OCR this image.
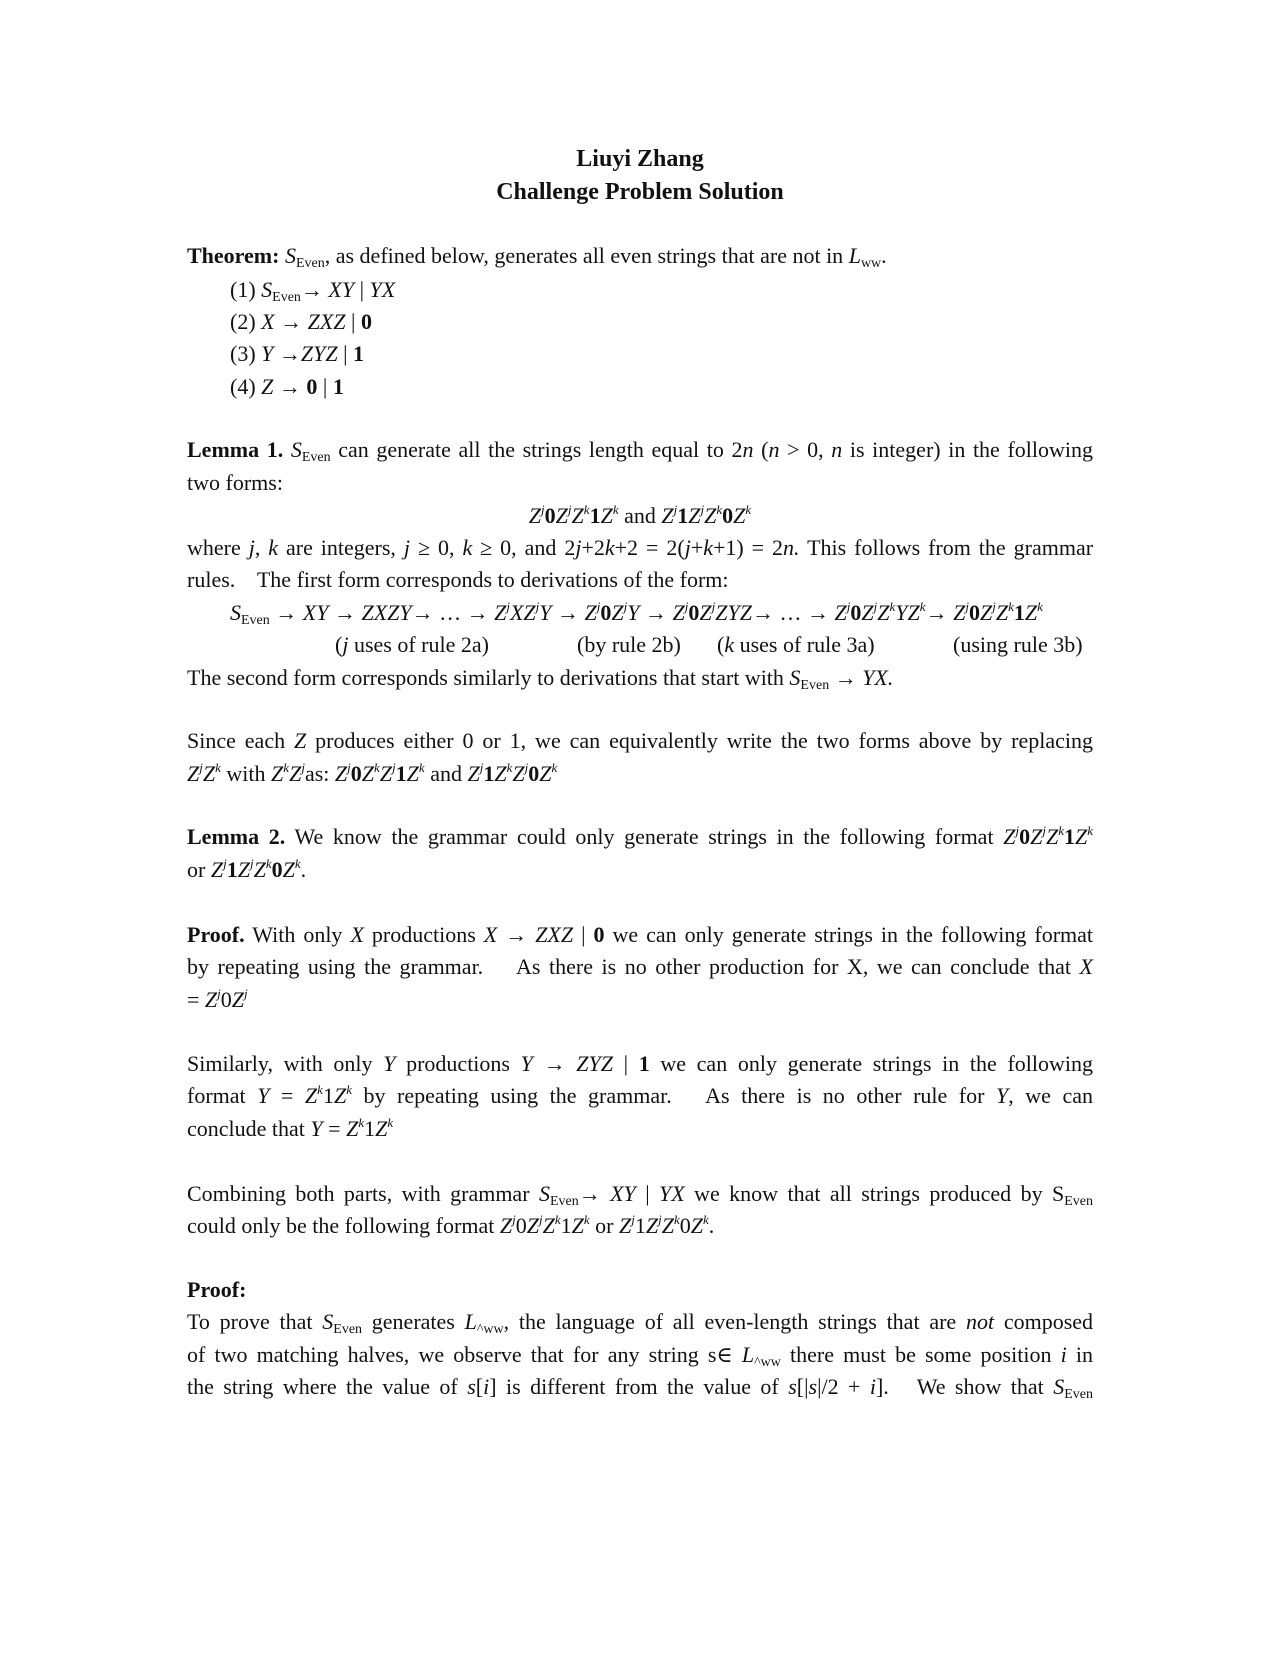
Liuyi Zhang
Challenge Problem Solution
Theorem: $S_{Even}$, as defined below, generates all even strings that are not in $L_{ww}$.
(1) $S_{Even}\to$ XY | YX
(2) X → ZXZ | 0
(3) Y →ZYZ | 1
(4) Z → 0 | 1
Lemma 1. $S_{Even}$ can generate all the strings length equal to 2n (n > 0, n is integer) in the following
two forms:
$Z^j0Z^jZ^k1Z^k$ and $Z^j1Z^jZ^k0Z^k$
where j, k are integers, j ≥ 0, k ≥ 0, and 2j+2k+2 = 2(j+k+1) = 2n. This follows from the grammar
rules.    The first form corresponds to derivations of the form:
$S_{Even}$ → XY → ZXZY→ … → $Z^jXZ^jY \to Z^j0Z^jY \to Z^j0Z^jZYZ\to$ … → $Z^j0Z^jZ^kYZ^k\to Z^j0Z^jZ^k1Z^k$
(j uses of rule 2a)	(by rule 2b) (k uses of rule 3a)	(using rule 3b)
The second form corresponds similarly to derivations that start with $S_{Even}$ → YX.
Since each Z produces either 0 or 1, we can equivalently write the two forms above by replacing
$Z^jZ^k$ with $Z^kZ^jas$: $Z^j0Z^kZ^j1Z^k$ and $Z^j1Z^kZ^j0Z^k$
Lemma 2. We know the grammar could only generate strings in the following format $Z^j0Z^jZ^k1Z^k$
or $Z^j1Z^jZ^k0Z^k$.
Proof. With only X productions X → ZXZ | 0 we can only generate strings in the following format
by repeating using the grammar.    As there is no other production for X, we can conclude that X
= $Z^j0Z^j$
Similarly, with only Y productions Y → ZYZ | 1 we can only generate strings in the following
format $Y = Z^k1Z^k$ by repeating using the grammar.   As there is no other rule for Y, we can
conclude that $Y = Z^k1Z^k$
Combining both parts, with grammar $S_{Even}\to$ XY | YX we know that all strings produced by $S_{Even}$
could only be the following format $Z^j0Z^jZ^k1Z^k$ or $Z^j1Z^jZ^k0Z^k$.
Proof:
To prove that $S_{Even}$ generates $L_{\^{}ww}$, the language of all even-length strings that are not composed
of two matching halves, we observe that for any string s∈ $L_{\^{}ww}$ there must be some position i in
the string where the value of s[i] is different from the value of s[|s|/2 + i].   We show that $S_{Even}$
